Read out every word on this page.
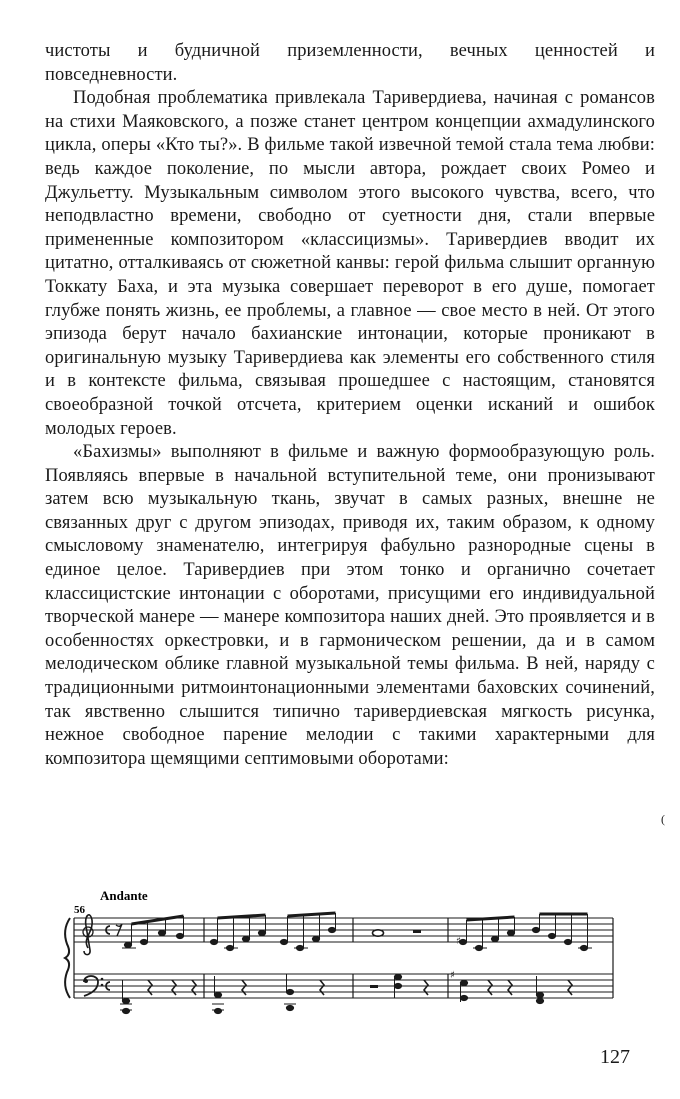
чистоты и будничной приземленности, вечных ценностей и повседневности.

Подобная проблематика привлекала Таривердиева, начиная с романсов на стихи Маяковского, а позже станет центром концепции ахмадулинского цикла, оперы «Кто ты?». В фильме такой извечной темой стала тема любви: ведь каждое поколение, по мысли автора, рождает своих Ромео и Джульетту. Музыкальным символом этого высокого чувства, всего, что неподвластно времени, свободно от суетности дня, стали впервые примененные композитором «классицизмы». Таривердиев вводит их цитатно, отталкиваясь от сюжетной канвы: герой фильма слышит органную Токкату Баха, и эта музыка совершает переворот в его душе, помогает глубже понять жизнь, ее проблемы, а главное — свое место в ней. От этого эпизода берут начало бахианские интонации, которые проникают в оригинальную музыку Таривердиева как элементы его собственного стиля и в контексте фильма, связывая прошедшее с настоящим, становятся своеобразной точкой отсчета, критерием оценки исканий и ошибок молодых героев.

«Бахизмы» выполняют в фильме и важную формообразующую роль. Появляясь впервые в начальной вступительной теме, они пронизывают затем всю музыкальную ткань, звучат в самых разных, внешне не связанных друг с другом эпизодах, приводя их, таким образом, к одному смысловому знаменателю, интегрируя фабульно разнородные сцены в единое целое. Таривердиев при этом тонко и органично сочетает классицистские интонации с оборотами, присущими его индивидуальной творческой манере — манере композитора наших дней. Это проявляется и в особенностях оркестровки, и в гармоническом решении, да и в самом мелодическом облике главной музыкальной темы фильма. В ней, наряду с традиционными ритмоинтонационными элементами баховских сочинений, так явственно слышится типично таривердиевская мягкость рисунка, нежное свободное парение мелодии с такими характерными для композитора щемящими септимовыми оборотами:

(
Andante
56
♯
♯
127
